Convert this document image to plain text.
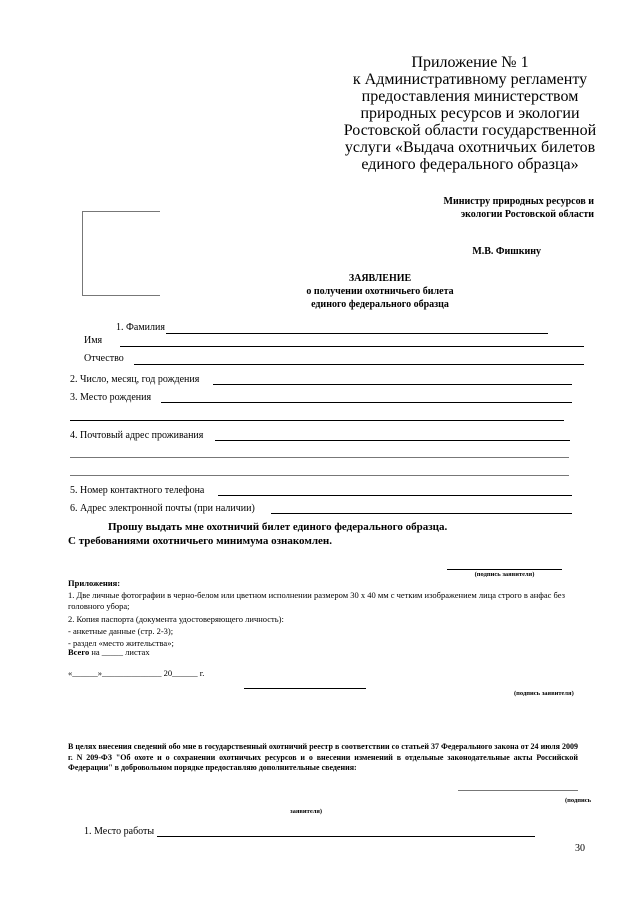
Приложение № 1
к Административному регламенту
предоставления министерством
природных ресурсов и экологии
Ростовской области государственной
услуги «Выдача охотничьих билетов
единого федерального образца»
Министру природных ресурсов и
экологии Ростовской области
М.В. Фишкину
ЗАЯВЛЕНИЕ
о получении охотничьего билета
единого федерального образца
1. Фамилия
Имя
Отчество
2. Число, месяц, год рождения
3. Место рождения
4. Почтовый адрес проживания
5. Номер контактного телефона
6. Адрес электронной почты (при наличии)
Прошу выдать мне охотничий билет единого федерального образца.
С требованиями охотничьего минимума ознакомлен.
(подпись заявителя)
Приложения:
1. Две личные фотографии в черно-белом или цветном исполнении размером 30 x 40 мм с четким изображением лица строго в анфас без головного убора;
2. Копия паспорта (документа удостоверяющего личность):
- анкетные данные (стр. 2-3);
- раздел «место жительства»;
Всего на _____ листах
«______»______________ 20______ г.
(подпись заявителя)
В целях внесения сведений обо мне в государственный охотничий реестр в соответствии со статьей 37 Федерального закона от 24 июля 2009 г. N 209-ФЗ "Об охоте и о сохранении охотничьих ресурсов и о внесении изменений в отдельные законодательные акты Российской Федерации" в добровольном порядке предоставляю дополнительные сведения:
(подпись
заявителя)
1. Место работы
30
